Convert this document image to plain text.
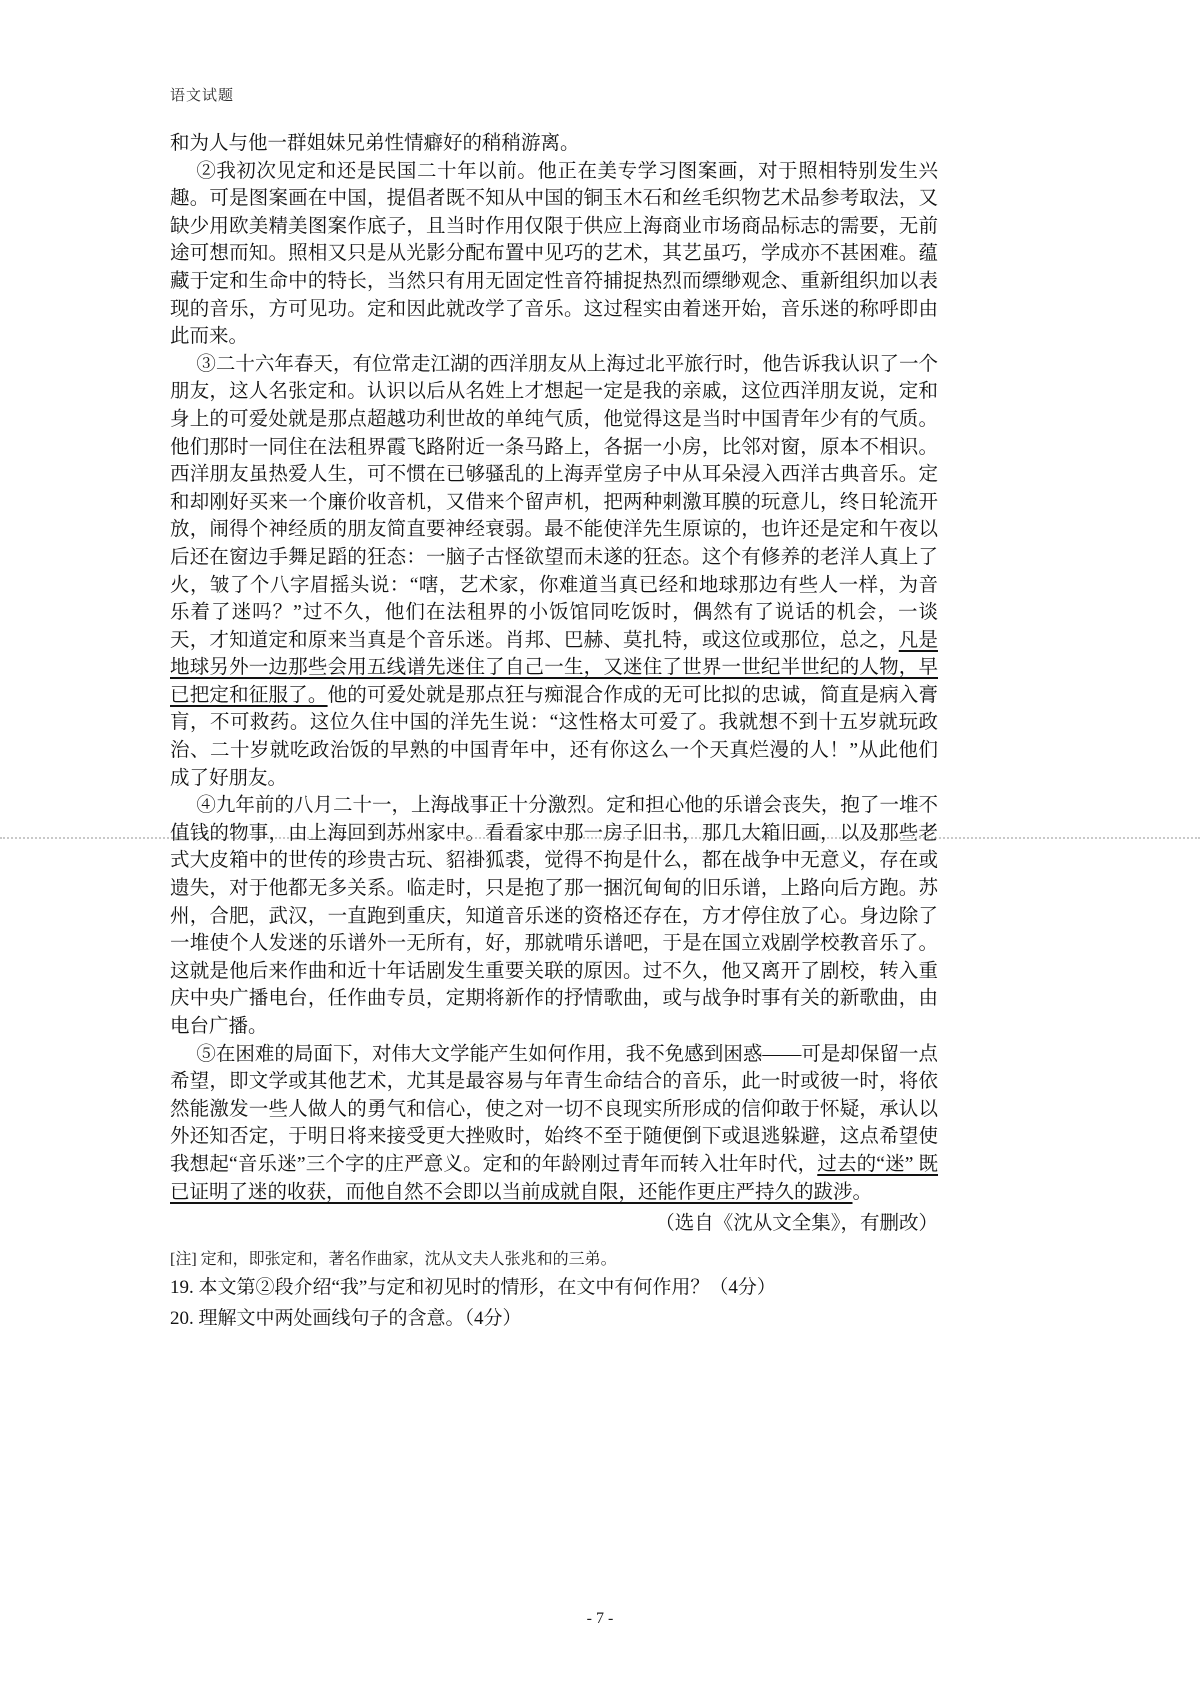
语文试题

和为人与他一群姐妹兄弟性情癖好的稍稍游离。

②我初次见定和还是民国二十年以前。他正在美专学习图案画，对于照相特别发生兴趣。可是图案画在中国，提倡者既不知从中国的铜玉木石和丝毛织物艺术品参考取法，又缺少用欧美精美图案作底子，且当时作用仅限于供应上海商业市场商品标志的需要，无前途可想而知。照相又只是从光影分配布置中见巧的艺术，其艺虽巧，学成亦不甚困难。蕴藏于定和生命中的特长，当然只有用无固定性音符捕捉热烈而缥缈观念、重新组织加以表现的音乐，方可见功。定和因此就改学了音乐。这过程实由着迷开始，音乐迷的称呼即由此而来。

③二十六年春天，有位常走江湖的西洋朋友从上海过北平旅行时，他告诉我认识了一个朋友，这人名张定和。认识以后从名姓上才想起一定是我的亲戚，这位西洋朋友说，定和身上的可爱处就是那点超越功利世故的单纯气质，他觉得这是当时中国青年少有的气质。他们那时一同住在法租界霞飞路附近一条马路上，各据一小房，比邻对窗，原本不相识。西洋朋友虽热爱人生，可不惯在已够骚乱的上海弄堂房子中从耳朵浸入西洋古典音乐。定和却刚好买来一个廉价收音机，又借来个留声机，把两种刺激耳膜的玩意儿，终日轮流开放，闹得个神经质的朋友简直要神经衰弱。最不能使洋先生原谅的，也许还是定和午夜以后还在窗边手舞足蹈的狂态：一脑子古怪欲望而未遂的狂态。这个有修养的老洋人真上了火，皱了个八字眉摇头说：“嗐，艺术家，你难道当真已经和地球那边有些人一样，为音乐着了迷吗？”过不久，他们在法租界的小饭馆同吃饭时，偶然有了说话的机会，一谈天，才知道定和原来当真是个音乐迷。肖邦、巴赫、莫扎特，或这位或那位，总之，凡是地球另外一边那些会用五线谱先迷住了自己一生，又迷住了世界一世纪半世纪的人物，早已把定和征服了。他的可爱处就是那点狂与痴混合作成的无可比拟的忠诚，简直是病入膏肓，不可救药。这位久住中国的洋先生说：“这性格太可爱了。我就想不到十五岁就玩政治、二十岁就吃政治饭的早熟的中国青年中，还有你这么一个天真烂漫的人！”从此他们成了好朋友。

④九年前的八月二十一，上海战事正十分激烈。定和担心他的乐谱会丧失，抱了一堆不值钱的物事，由上海回到苏州家中。看看家中那一房子旧书，那几大箱旧画，以及那些老式大皮箱中的世传的珍贵古玩、貂褂狐裘，觉得不拘是什么，都在战争中无意义，存在或遗失，对于他都无多关系。临走时，只是抱了那一捆沉甸甸的旧乐谱，上路向后方跑。苏州，合肥，武汉，一直跑到重庆，知道音乐迷的资格还存在，方才停住放了心。身边除了一堆使个人发迷的乐谱外一无所有，好，那就啃乐谱吧，于是在国立戏剧学校教音乐了。这就是他后来作曲和近十年话剧发生重要关联的原因。过不久，他又离开了剧校，转入重庆中央广播电台，任作曲专员，定期将新作的抒情歌曲，或与战争时事有关的新歌曲，由电台广播。

⑤在困难的局面下，对伟大文学能产生如何作用，我不免感到困惑——可是却保留一点希望，即文学或其他艺术，尤其是最容易与年青生命结合的音乐，此一时或彼一时，将依然能激发一些人做人的勇气和信心，使之对一切不良现实所形成的信仰敢于怀疑，承认以外还知否定，于明日将来接受更大挫败时，始终不至于随便倒下或退逃躲避，这点希望使我想起“音乐迷”三个字的庄严意义。定和的年龄刚过青年而转入壮年时代，过去的“迷” 既已证明了迷的收获，而他自然不会即以当前成就自限，还能作更庄严持久的跋涉。

（选自《沈从文全集》，有删改）
[注] 定和，即张定和，著名作曲家，沈从文夫人张兆和的三弟。
19. 本文第②段介绍“我”与定和初见时的情形，在文中有何作用？（4分）
20. 理解文中两处画线句子的含意。（4分）
- 7 -
